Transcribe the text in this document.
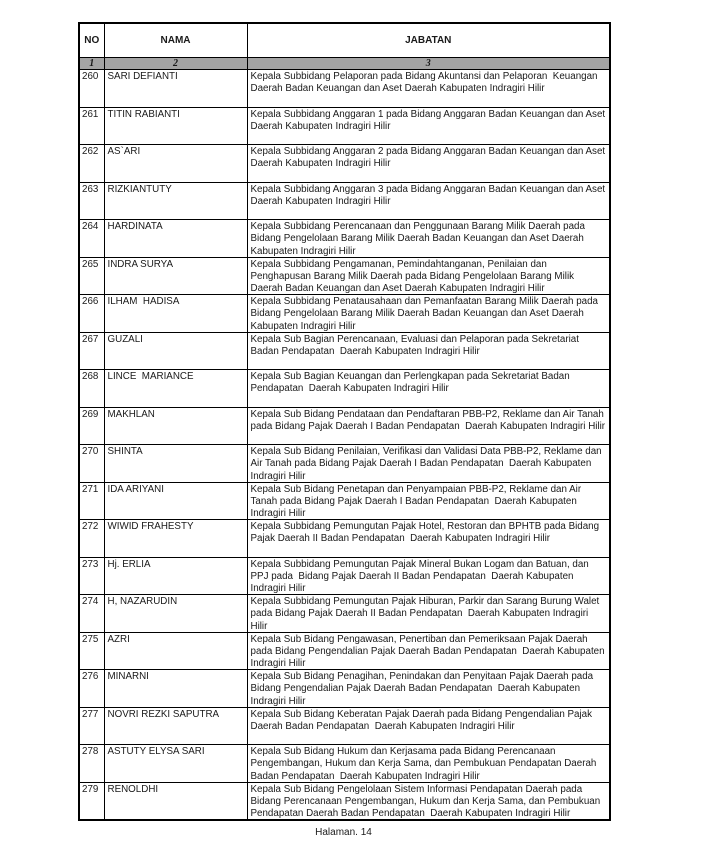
NO	NAMA	JABATAN
1	2	3

260	SARI DEFIANTI	Kepala Subbidang Pelaporan pada Bidang Akuntansi dan Pelaporan  Keuangan Daerah Badan Keuangan dan Aset Daerah Kabupaten Indragiri Hilir

261	TITIN RABIANTI	Kepala Subbidang Anggaran 1 pada Bidang Anggaran Badan Keuangan dan Aset Daerah Kabupaten Indragiri Hilir

262	AS`ARI	Kepala Subbidang Anggaran 2 pada Bidang Anggaran Badan Keuangan dan Aset Daerah Kabupaten Indragiri Hilir

263	RIZKIANTUTY	Kepala Subbidang Anggaran 3 pada Bidang Anggaran Badan Keuangan dan Aset Daerah Kabupaten Indragiri Hilir

264	HARDINATA	Kepala Subbidang Perencanaan dan Penggunaan Barang Milik Daerah pada Bidang Pengelolaan Barang Milik Daerah Badan Keuangan dan Aset Daerah Kabupaten Indragiri Hilir

265	INDRA SURYA	Kepala Subbidang Pengamanan, Pemindahtanganan, Penilaian dan Penghapusan Barang Milik Daerah pada Bidang Pengelolaan Barang Milik Daerah Badan Keuangan dan Aset Daerah Kabupaten Indragiri Hilir

266	ILHAM  HADISA	Kepala Subbidang Penatausahaan dan Pemanfaatan Barang Milik Daerah pada Bidang Pengelolaan Barang Milik Daerah Badan Keuangan dan Aset Daerah Kabupaten Indragiri Hilir

267	GUZALI	Kepala Sub Bagian Perencanaan, Evaluasi dan Pelaporan pada Sekretariat Badan Pendapatan  Daerah Kabupaten Indragiri Hilir

268	LINCE  MARIANCE	Kepala Sub Bagian Keuangan dan Perlengkapan pada Sekretariat Badan Pendapatan  Daerah Kabupaten Indragiri Hilir

269	MAKHLAN	Kepala Sub Bidang Pendataan dan Pendaftaran PBB-P2, Reklame dan Air Tanah pada Bidang Pajak Daerah I Badan Pendapatan  Daerah Kabupaten Indragiri Hilir

270	SHINTA	Kepala Sub Bidang Penilaian, Verifikasi dan Validasi Data PBB-P2, Reklame dan Air Tanah pada Bidang Pajak Daerah I Badan Pendapatan  Daerah Kabupaten Indragiri Hilir

271	IDA ARIYANI	Kepala Sub Bidang Penetapan dan Penyampaian PBB-P2, Reklame dan Air Tanah pada Bidang Pajak Daerah I Badan Pendapatan  Daerah Kabupaten Indragiri Hilir

272	WIWID FRAHESTY	Kepala Subbidang Pemungutan Pajak Hotel, Restoran dan BPHTB pada Bidang Pajak Daerah II Badan Pendapatan  Daerah Kabupaten Indragiri Hilir

273	Hj. ERLIA	Kepala Subbidang Pemungutan Pajak Mineral Bukan Logam dan Batuan, dan PPJ pada  Bidang Pajak Daerah II Badan Pendapatan  Daerah Kabupaten Indragiri Hilir

274	H, NAZARUDIN	Kepala Subbidang Pemungutan Pajak Hiburan, Parkir dan Sarang Burung Walet pada Bidang Pajak Daerah II Badan Pendapatan  Daerah Kabupaten Indragiri Hilir

275	AZRI	Kepala Sub Bidang Pengawasan, Penertiban dan Pemeriksaan Pajak Daerah pada Bidang Pengendalian Pajak Daerah Badan Pendapatan  Daerah Kabupaten Indragiri Hilir

276	MINARNI	Kepala Sub Bidang Penagihan, Penindakan dan Penyitaan Pajak Daerah pada Bidang Pengendalian Pajak Daerah Badan Pendapatan  Daerah Kabupaten Indragiri Hilir

277	NOVRI REZKI SAPUTRA	Kepala Sub Bidang Keberatan Pajak Daerah pada Bidang Pengendalian Pajak Daerah Badan Pendapatan  Daerah Kabupaten Indragiri Hilir

278	ASTUTY ELYSA SARI	Kepala Sub Bidang Hukum dan Kerjasama pada Bidang Perencanaan Pengembangan, Hukum dan Kerja Sama, dan Pembukuan Pendapatan Daerah Badan Pendapatan  Daerah Kabupaten Indragiri Hilir

279	RENOLDHI	Kepala Sub Bidang Pengelolaan Sistem Informasi Pendapatan Daerah pada Bidang Perencanaan Pengembangan, Hukum dan Kerja Sama, dan Pembukuan Pendapatan Daerah Badan Pendapatan  Daerah Kabupaten Indragiri Hilir
Halaman. 14
